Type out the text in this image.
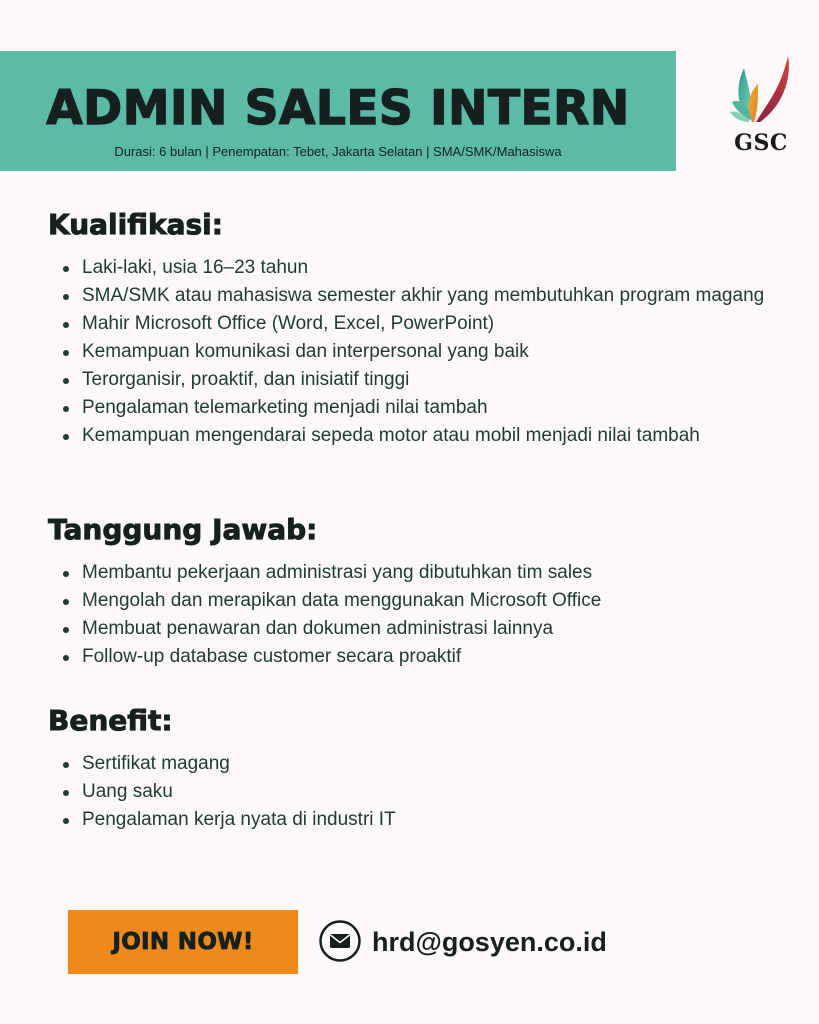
ADMIN SALES INTERN
Durasi: 6 bulan | Penempatan: Tebet, Jakarta Selatan | SMA/SMK/Mahasiswa	GSC
Kualifikasi:
Laki-laki, usia 16–23 tahun
SMA/SMK atau mahasiswa semester akhir yang membutuhkan program magang
Mahir Microsoft Office (Word, Excel, PowerPoint)
Kemampuan komunikasi dan interpersonal yang baik
Terorganisir, proaktif, dan inisiatif tinggi
Pengalaman telemarketing menjadi nilai tambah
Kemampuan mengendarai sepeda motor atau mobil menjadi nilai tambah
Tanggung Jawab:
Membantu pekerjaan administrasi yang dibutuhkan tim sales
Mengolah dan merapikan data menggunakan Microsoft Office
Membuat penawaran dan dokumen administrasi lainnya
Follow-up database customer secara proaktif
Benefit:
Sertifikat magang
Uang saku
Pengalaman kerja nyata di industri IT
JOIN NOW!	hrd@gosyen.co.id
